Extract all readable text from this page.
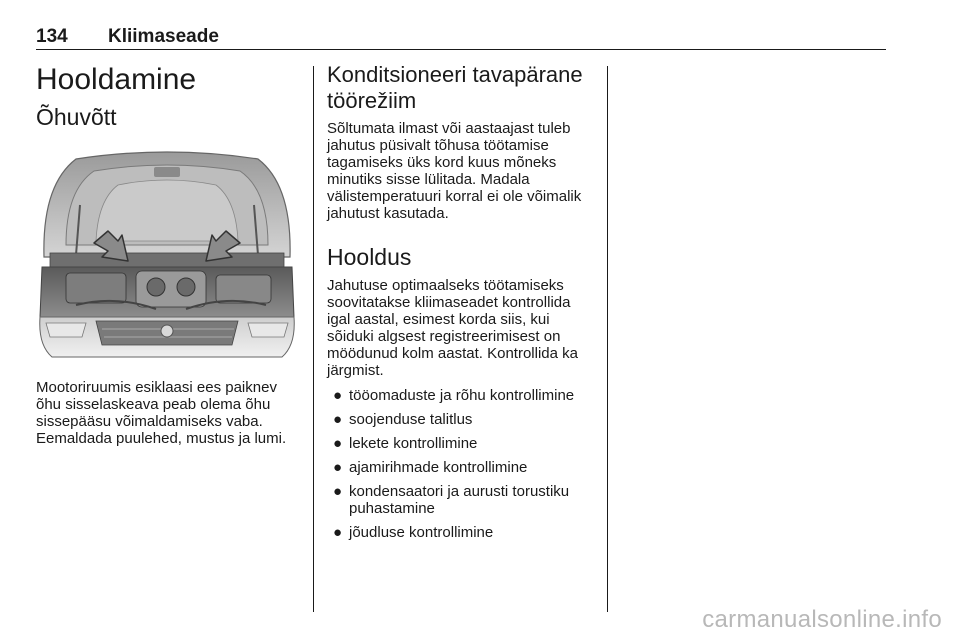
134 Kliimaseade
Hooldamine
Õhuvõtt

Mootoriruumis esiklaasi ees paiknev õhu sisselaskeava peab olema õhu sissepääsu võimaldamiseks vaba. Eemaldada puulehed, mustus ja lumi.

Konditsioneeri tavapärane töörežiim

Sõltumata ilmast või aastaajast tuleb jahutus püsivalt tõhusa töötamise tagamiseks üks kord kuus mõneks minutiks sisse lülitada. Madala välistemperatuuri korral ei ole võimalik jahutust kasutada.

Hooldus

Jahutuse optimaalseks töötamiseks soovitatakse kliimaseadet kontrollida igal aastal, esimest korda siis, kui sõiduki algsest registreerimisest on möödunud kolm aastat. Kontrollida ka järgmist.

● tööomaduste ja rõhu kontrollimine
● soojenduse talitlus
● lekete kontrollimine
● ajamirihmade kontrollimine
● kondensaatori ja aurusti torustiku puhastamine
● jõudluse kontrollimine
carmanualsonline.info
